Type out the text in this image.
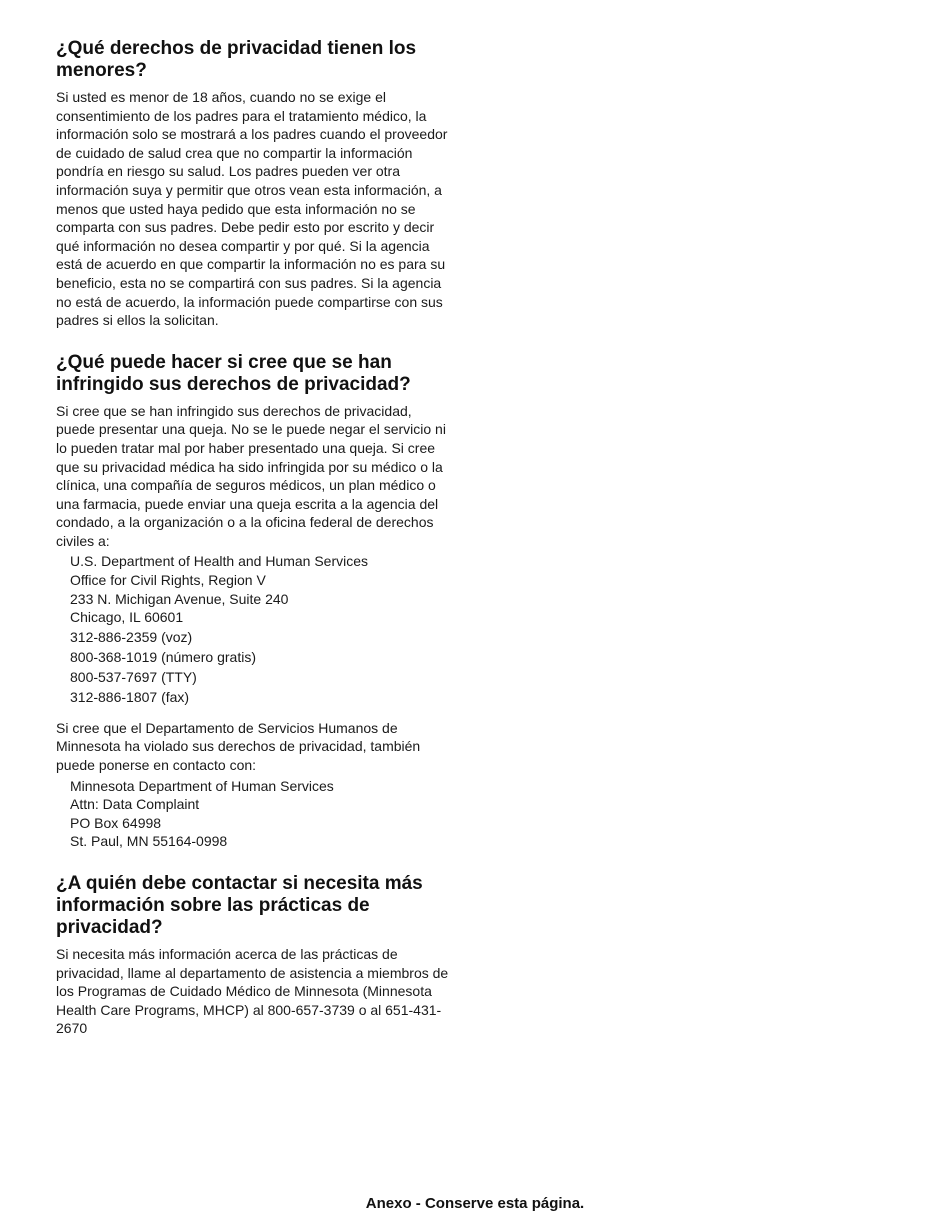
¿Qué derechos de privacidad tienen los menores?

Si usted es menor de 18 años, cuando no se exige el consentimiento de los padres para el tratamiento médico, la información solo se mostrará a los padres cuando el proveedor de cuidado de salud crea que no compartir la información pondría en riesgo su salud. Los padres pueden ver otra información suya y permitir que otros vean esta información, a menos que usted haya pedido que esta información no se comparta con sus padres. Debe pedir esto por escrito y decir qué información no desea compartir y por qué. Si la agencia está de acuerdo en que compartir la información no es para su beneficio, esta no se compartirá con sus padres. Si la agencia no está de acuerdo, la información puede compartirse con sus padres si ellos la solicitan.

¿Qué puede hacer si cree que se han infringido sus derechos de privacidad?

Si cree que se han infringido sus derechos de privacidad, puede presentar una queja. No se le puede negar el servicio ni lo pueden tratar mal por haber presentado una queja. Si cree que su privacidad médica ha sido infringida por su médico o la clínica, una compañía de seguros médicos, un plan médico o una farmacia, puede enviar una queja escrita a la agencia del condado, a la organización o a la oficina federal de derechos civiles a:

U.S. Department of Health and Human Services
Office for Civil Rights, Region V
233 N. Michigan Avenue, Suite 240
Chicago, IL 60601
312-886-2359 (voz)
800-368-1019 (número gratis)
800-537-7697 (TTY)
312-886-1807 (fax)

Si cree que el Departamento de Servicios Humanos de Minnesota ha violado sus derechos de privacidad, también puede ponerse en contacto con:

Minnesota Department of Human Services
Attn: Data Complaint
PO Box 64998
St. Paul, MN 55164-0998
¿A quién debe contactar si necesita más información sobre las prácticas de privacidad?

Si necesita más información acerca de las prácticas de privacidad, llame al departamento de asistencia a miembros de los Programas de Cuidado Médico de Minnesota (Minnesota Health Care Programs, MHCP) al 800-657-3739 o al 651-431-2670

Anexo - Conserve esta página.
